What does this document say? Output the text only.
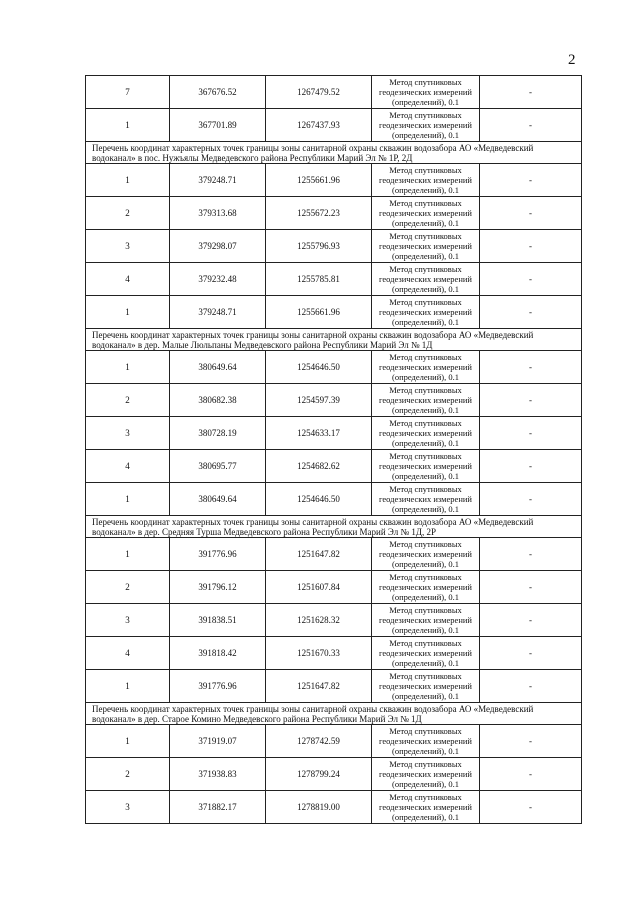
2
7	367676.52	1267479.52	Метод спутниковых геодезических измерений (определений), 0.1	-
1	367701.89	1267437.93	Метод спутниковых геодезических измерений (определений), 0.1	-
Перечень координат характерных точек границы зоны санитарной охраны скважин водозабора АО «Медведевский водоканал» в пос. Нужъялы Медведевского района Республики Марий Эл № 1Р, 2Д				
1	379248.71	1255661.96	Метод спутниковых геодезических измерений (определений), 0.1	-
2	379313.68	1255672.23	Метод спутниковых геодезических измерений (определений), 0.1	-
3	379298.07	1255796.93	Метод спутниковых геодезических измерений (определений), 0.1	-
4	379232.48	1255785.81	Метод спутниковых геодезических измерений (определений), 0.1	-
1	379248.71	1255661.96	Метод спутниковых геодезических измерений (определений), 0.1	-
Перечень координат характерных точек границы зоны санитарной охраны скважин водозабора АО «Медведевский водоканал» в дер. Малые Люльпаны Медведевского района Республики Марий Эл № 1Д				
1	380649.64	1254646.50	Метод спутниковых геодезических измерений (определений), 0.1	-
2	380682.38	1254597.39	Метод спутниковых геодезических измерений (определений), 0.1	-
3	380728.19	1254633.17	Метод спутниковых геодезических измерений (определений), 0.1	-
4	380695.77	1254682.62	Метод спутниковых геодезических измерений (определений), 0.1	-
1	380649.64	1254646.50	Метод спутниковых геодезических измерений (определений), 0.1	-
Перечень координат характерных точек границы зоны санитарной охраны скважин водозабора АО «Медведевский водоканал» в дер. Средняя Турша Медведевского района Республики Марий Эл № 1Д, 2Р				
1	391776.96	1251647.82	Метод спутниковых геодезических измерений (определений), 0.1	-
2	391796.12	1251607.84	Метод спутниковых геодезических измерений (определений), 0.1	-
3	391838.51	1251628.32	Метод спутниковых геодезических измерений (определений), 0.1	-
4	391818.42	1251670.33	Метод спутниковых геодезических измерений (определений), 0.1	-
1	391776.96	1251647.82	Метод спутниковых геодезических измерений (определений), 0.1	-
Перечень координат характерных точек границы зоны санитарной охраны скважин водозабора АО «Медведевский водоканал» в дер. Старое Комино Медведевского района Республики Марий Эл № 1Д				
1	371919.07	1278742.59	Метод спутниковых геодезических измерений (определений), 0.1	-
2	371938.83	1278799.24	Метод спутниковых геодезических измерений (определений), 0.1	-
3	371882.17	1278819.00	Метод спутниковых геодезических измерений (определений), 0.1	-
